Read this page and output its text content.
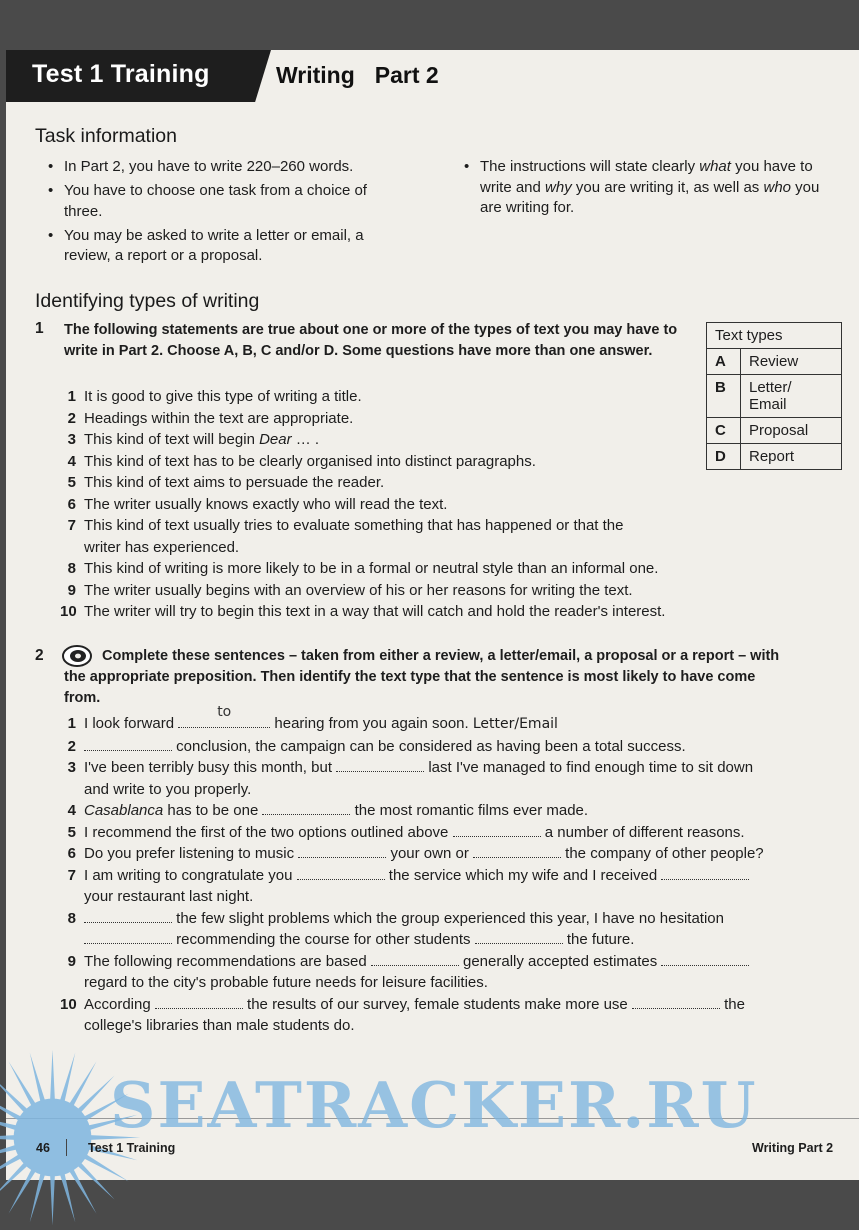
Test 1 Training	Writing Part 2
Task information
• In Part 2, you have to write 220–260 words.
• You have to choose one task from a choice of three.
• You may be asked to write a letter or email, a review, a report or a proposal.
• The instructions will state clearly what you have to write and why you are writing it, as well as who you are writing for.
Identifying types of writing
1 The following statements are true about one or more of the types of text you may have to write in Part 2. Choose A, B, C and/or D. Some questions have more than one answer.
1 It is good to give this type of writing a title.
2 Headings within the text are appropriate.
3 This kind of text will begin Dear … .
4 This kind of text has to be clearly organised into distinct paragraphs.
5 This kind of text aims to persuade the reader.
6 The writer usually knows exactly who will read the text.
7 This kind of text usually tries to evaluate something that has happened or that the writer has experienced.
8 This kind of writing is more likely to be in a formal or neutral style than an informal one.
9 The writer usually begins with an overview of his or her reasons for writing the text.
10 The writer will try to begin this text in a way that will catch and hold the reader's interest.
Text types	
A	Review
B	Letter/ Email
C	Proposal
D	Report
2	Complete these sentences – taken from either a review, a letter/email, a proposal or a report – with the appropriate preposition. Then identify the text type that the sentence is most likely to have come from.
1 I look forward
to
hearing from you again soon. Letter/Email
2	conclusion, the campaign can be considered as having been a total success.
3 I've been terribly busy this month, but	last I've managed to find enough time to sit down and write to you properly.
4 Casablanca has to be one	the most romantic films ever made.
5 I recommend the first of the two options outlined above	a number of different reasons.
6 Do you prefer listening to music	your own or	the company of other people?
7 I am writing to congratulate you	the service which my wife and I received  your restaurant last night.
8	the few slight problems which the group experienced this year, I have no hesitation  recommending the course for other students	the future.
9 The following recommendations are based	generally accepted estimates  regard to the city's probable future needs for leisure facilities.
10 According	the results of our survey, female students make more use	the college's libraries than male students do.
SEATRACKER.RU
46	Test 1 Training	Writing Part 2
